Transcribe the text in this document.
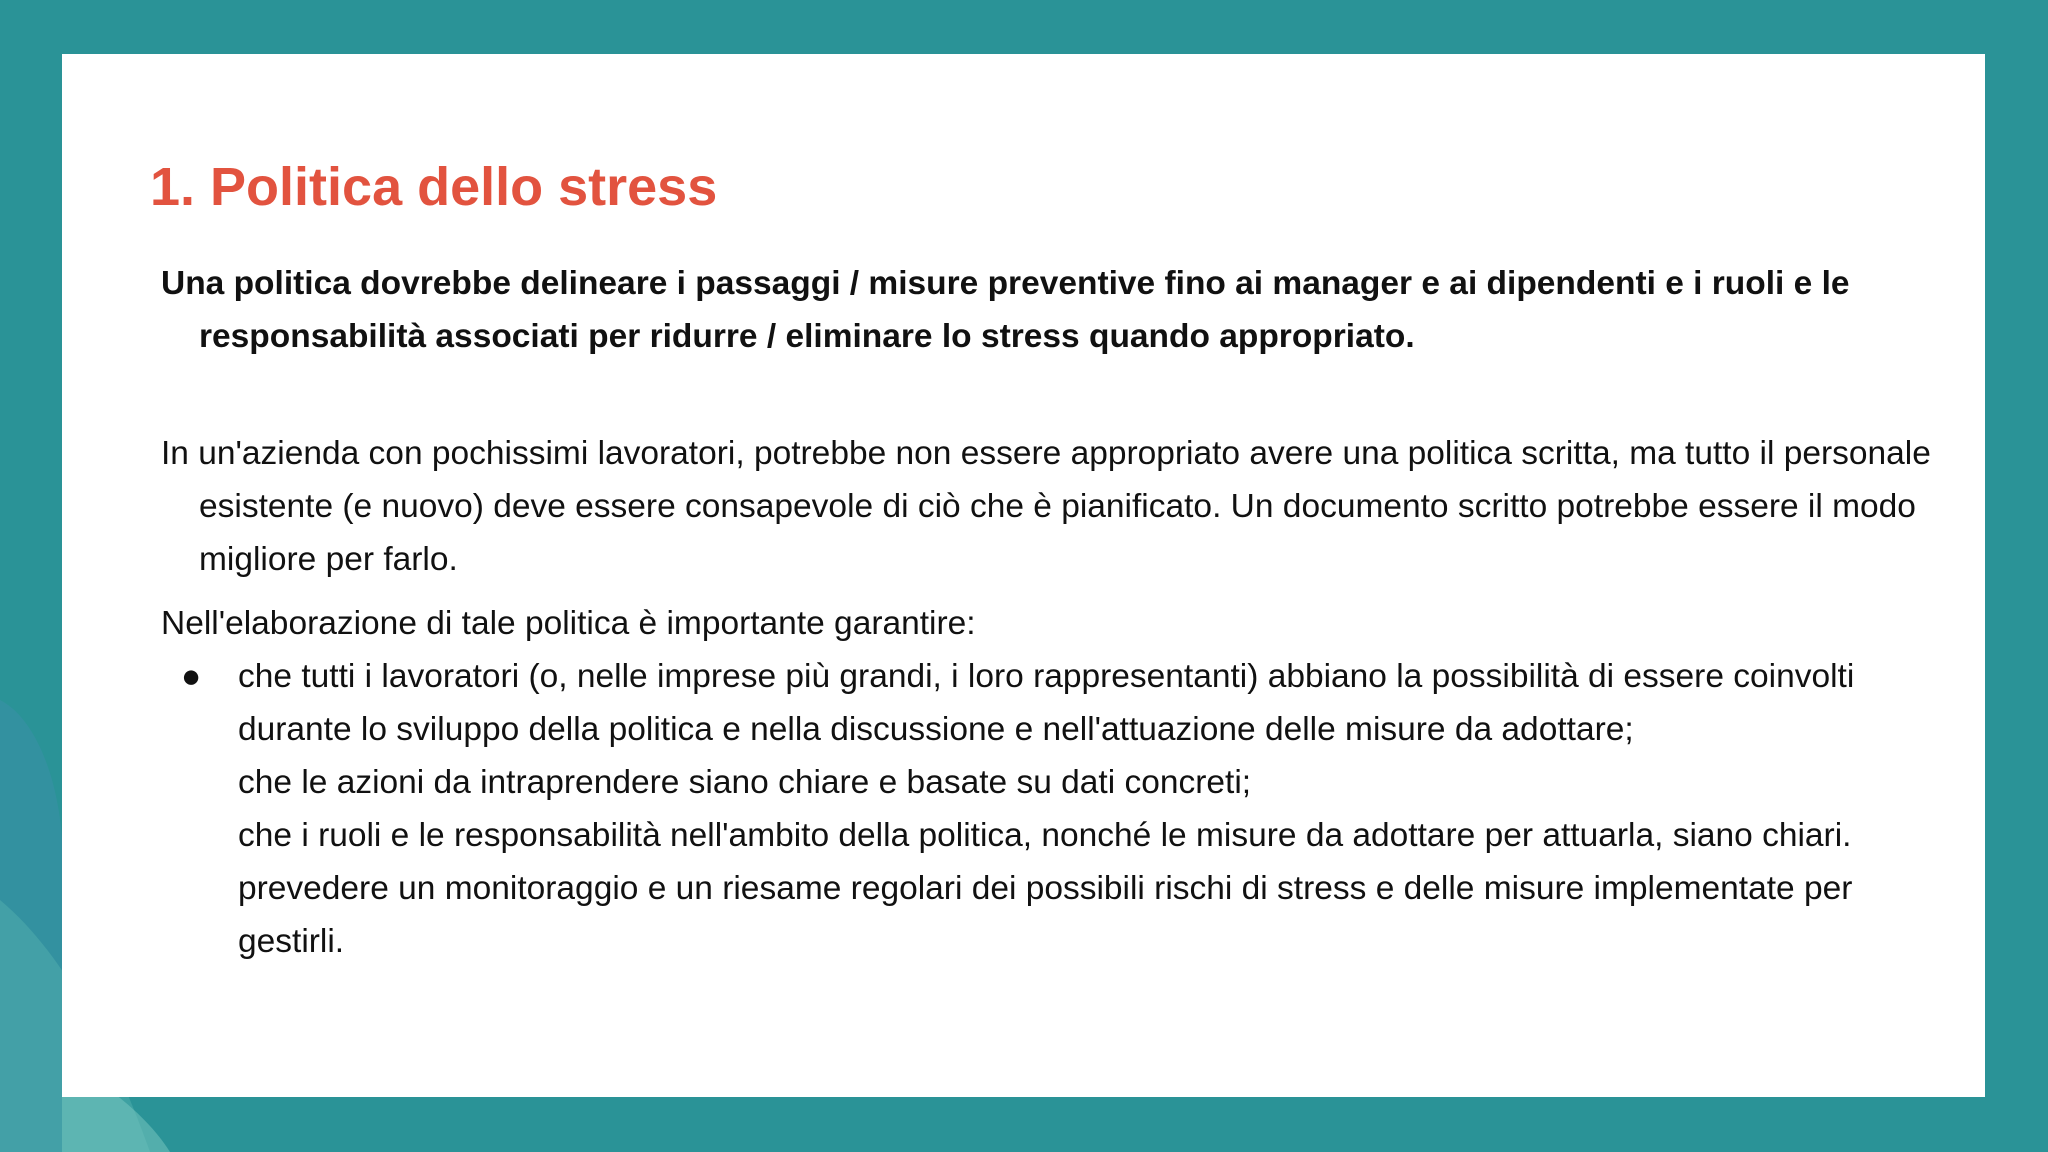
1. Politica dello stress

Una politica dovrebbe delineare i passaggi / misure preventive fino ai manager e ai dipendenti e i ruoli e le responsabilità associati per ridurre / eliminare lo stress quando appropriato.

In un'azienda con pochissimi lavoratori, potrebbe non essere appropriato avere una politica scritta, ma tutto il personale esistente (e nuovo) deve essere consapevole di ciò che è pianificato. Un documento scritto potrebbe essere il modo migliore per farlo.

Nell'elaborazione di tale politica è importante garantire:

● che tutti i lavoratori (o, nelle imprese più grandi, i loro rappresentanti) abbiano la possibilità di essere coinvolti durante lo sviluppo della politica e nella discussione e nell'attuazione delle misure da adottare;

che le azioni da intraprendere siano chiare e basate su dati concreti;

che i ruoli e le responsabilità nell'ambito della politica, nonché le misure da adottare per attuarla, siano chiari.

prevedere un monitoraggio e un riesame regolari dei possibili rischi di stress e delle misure implementate per gestirli.
